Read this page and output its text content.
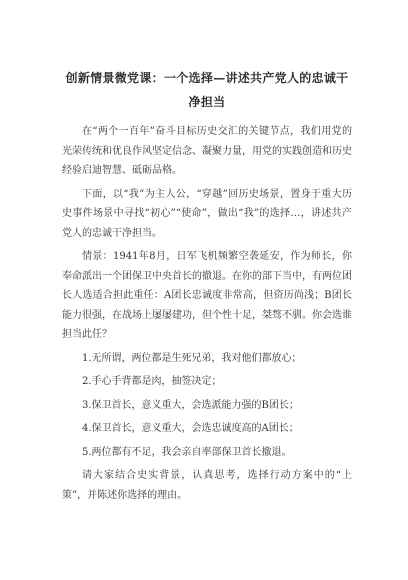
创新情景微党课：一个选择—讲述共产党人的忠诚干净担当

在“两个一百年”奋斗目标历史交汇的关键节点，我们用党的光荣传统和优良作风坚定信念、凝聚力量，用党的实践创造和历史经验启迪智慧、砥砺品格。

下面，以“我”为主人公，“穿越”回历史场景，置身于重大历史事件场景中寻找“初心”“使命”，做出“我”的选择…，讲述共产党人的忠诚干净担当。

情景：1941年8月，日军飞机频繁空袭延安，作为师长，你奉命派出一个团保卫中央首长的撤退。在你的部下当中，有两位团长人选适合担此重任：A团长忠诚度非常高，但资历尚浅；B团长能力很强，在战场上屡屡建功，但个性十足，桀骜不驯。你会选谁担当此任？

1.无所谓，两位都是生死兄弟，我对他们都放心；

2.手心手背都是肉，抽签决定；

3.保卫首长，意义重大，会选派能力强的B团长；

4.保卫首长，意义重大，会选忠诚度高的A团长；

5.两位都有不足，我会亲自率部保卫首长撤退。

请大家结合史实背景，认真思考，选择行动方案中的“上策”，并陈述你选择的理由。
